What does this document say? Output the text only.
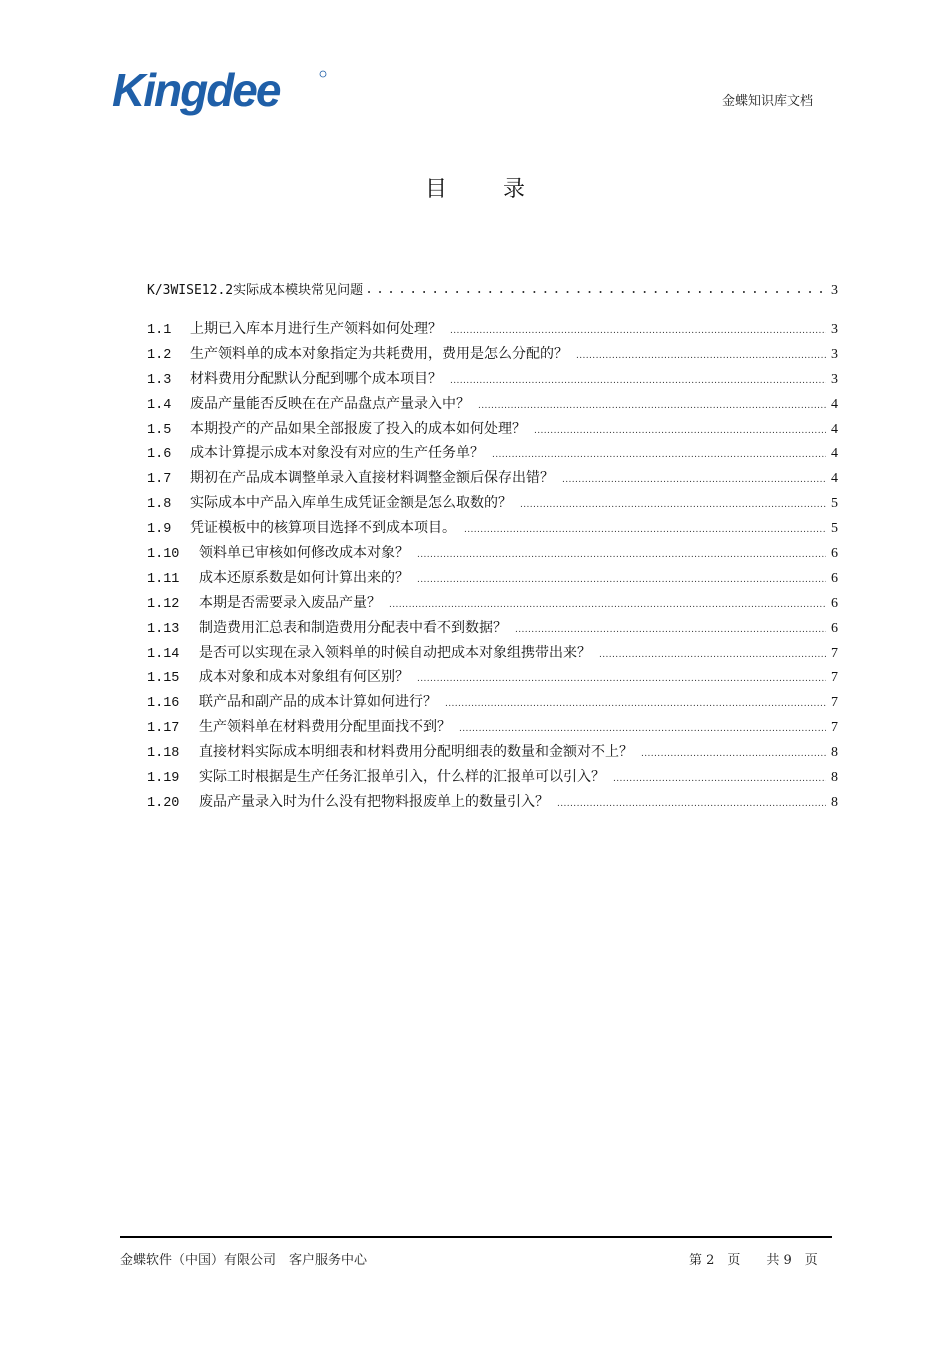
Kingdee	金蝶知识库文档
目	录
K/3WISE12.2实际成本模块常见问题 .....	3
1.1	上期已入库本月进行生产领料如何处理？ .....	3
1.2	生产领料单的成本对象指定为共耗费用，费用是怎么分配的？ .....	3
1.3	材料费用分配默认分配到哪个成本项目？ .....	3
1.4	废品产量能否反映在在产品盘点产量录入中？ .....	4
1.5	本期投产的产品如果全部报废了投入的成本如何处理？ .....	4
1.6	成本计算提示成本对象没有对应的生产任务单？ .....	4
1.7	期初在产品成本调整单录入直接材料调整金额后保存出错？ .....	4
1.8	实际成本中产品入库单生成凭证金额是怎么取数的？ .....	5
1.9	凭证模板中的核算项目选择不到成本项目。 .....	5
1.10	领料单已审核如何修改成本对象？ .....	6
1.11	成本还原系数是如何计算出来的？ .....	6
1.12	本期是否需要录入废品产量？ .....	6
1.13	制造费用汇总表和制造费用分配表中看不到数据？ .....	6
1.14	是否可以实现在录入领料单的时候自动把成本对象组携带出来？ .....	7
1.15	成本对象和成本对象组有何区别？ .....	7
1.16	联产品和副产品的成本计算如何进行？ .....	7
1.17	生产领料单在材料费用分配里面找不到？ .....	7
1.18	直接材料实际成本明细表和材料费用分配明细表的数量和金额对不上？ .....	8
1.19	实际工时根据是生产任务汇报单引入，什么样的汇报单可以引入？ .....	8
1.20	废品产量录入时为什么没有把物料报废单上的数量引入？ .....	8
金蝶软件（中国）有限公司　客户服务中心	第 2　页　　共 9　页
